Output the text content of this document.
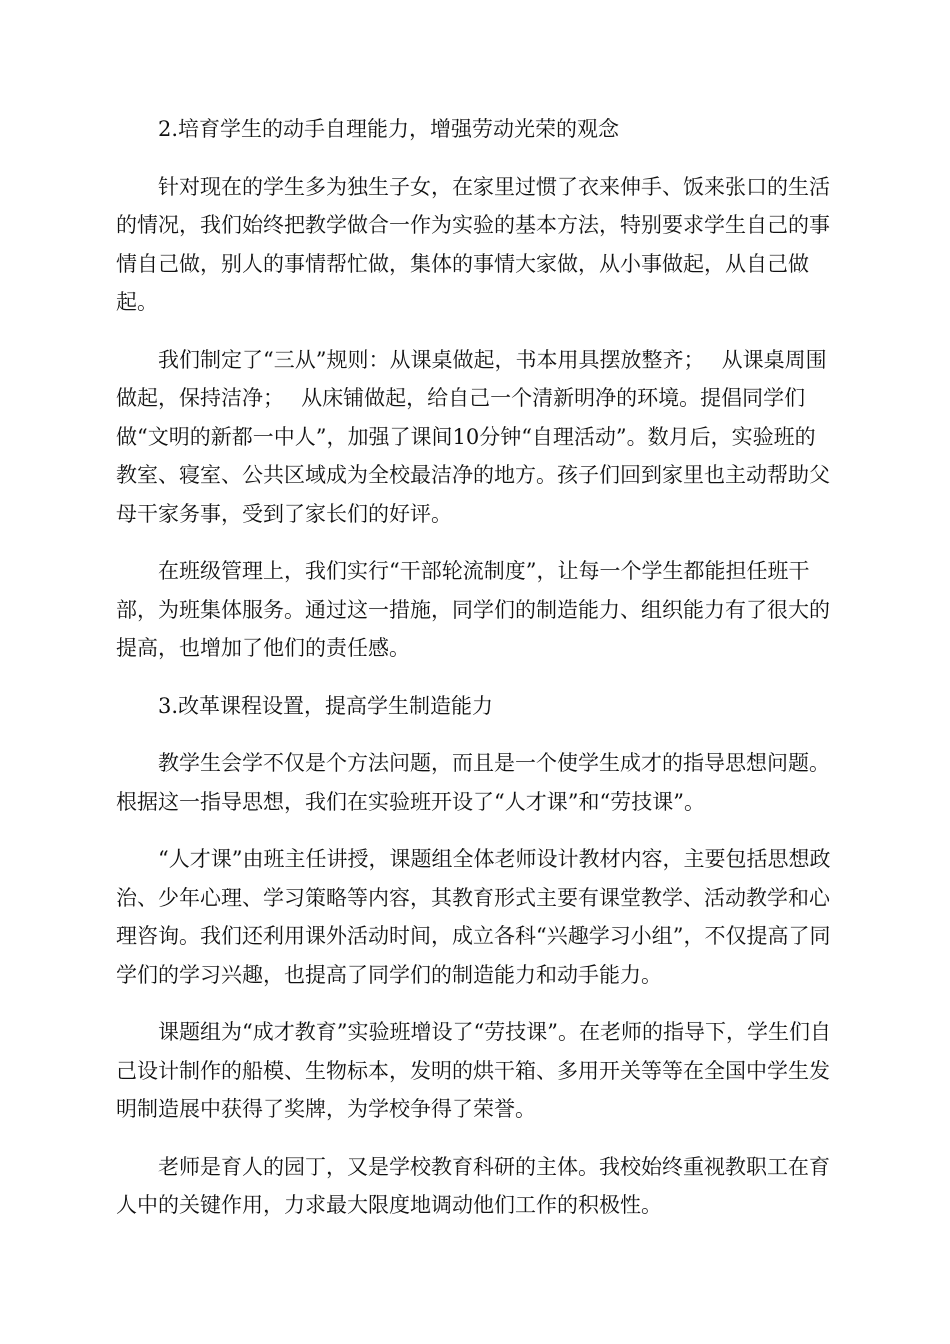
2.培育学生的动手自理能力，增强劳动光荣的观念

针对现在的学生多为独生子女，在家里过惯了衣来伸手、饭来张口的生活的情况，我们始终把教学做合一作为实验的基本方法，特别要求学生自己的事情自己做，别人的事情帮忙做，集体的事情大家做，从小事做起，从自己做起。

我们制定了“三从”规则：从课桌做起，书本用具摆放整齐；　 从课桌周围做起，保持洁净；　 从床铺做起，给自己一个清新明净的环境。提倡同学们做“文明的新都一中人”，加强了课间10分钟“自理活动”。数月后，实验班的教室、寝室、公共区域成为全校最洁净的地方。孩子们回到家里也主动帮助父母干家务事，受到了家长们的好评。

在班级管理上，我们实行“干部轮流制度”，让每一个学生都能担任班干部，为班集体服务。通过这一措施，同学们的制造能力、组织能力有了很大的提高，也增加了他们的责任感。

3.改革课程设置，提高学生制造能力

教学生会学不仅是个方法问题，而且是一个使学生成才的指导思想问题。根据这一指导思想，我们在实验班开设了“人才课”和“劳技课”。

“人才课”由班主任讲授，课题组全体老师设计教材内容，主要包括思想政治、少年心理、学习策略等内容，其教育形式主要有课堂教学、活动教学和心理咨询。我们还利用课外活动时间，成立各科“兴趣学习小组”，不仅提高了同学们的学习兴趣，也提高了同学们的制造能力和动手能力。

课题组为“成才教育”实验班增设了“劳技课”。在老师的指导下，学生们自己设计制作的船模、生物标本，发明的烘干箱、多用开关等等在全国中学生发明制造展中获得了奖牌，为学校争得了荣誉。

老师是育人的园丁，又是学校教育科研的主体。我校始终重视教职工在育人中的关键作用，力求最大限度地调动他们工作的积极性。
